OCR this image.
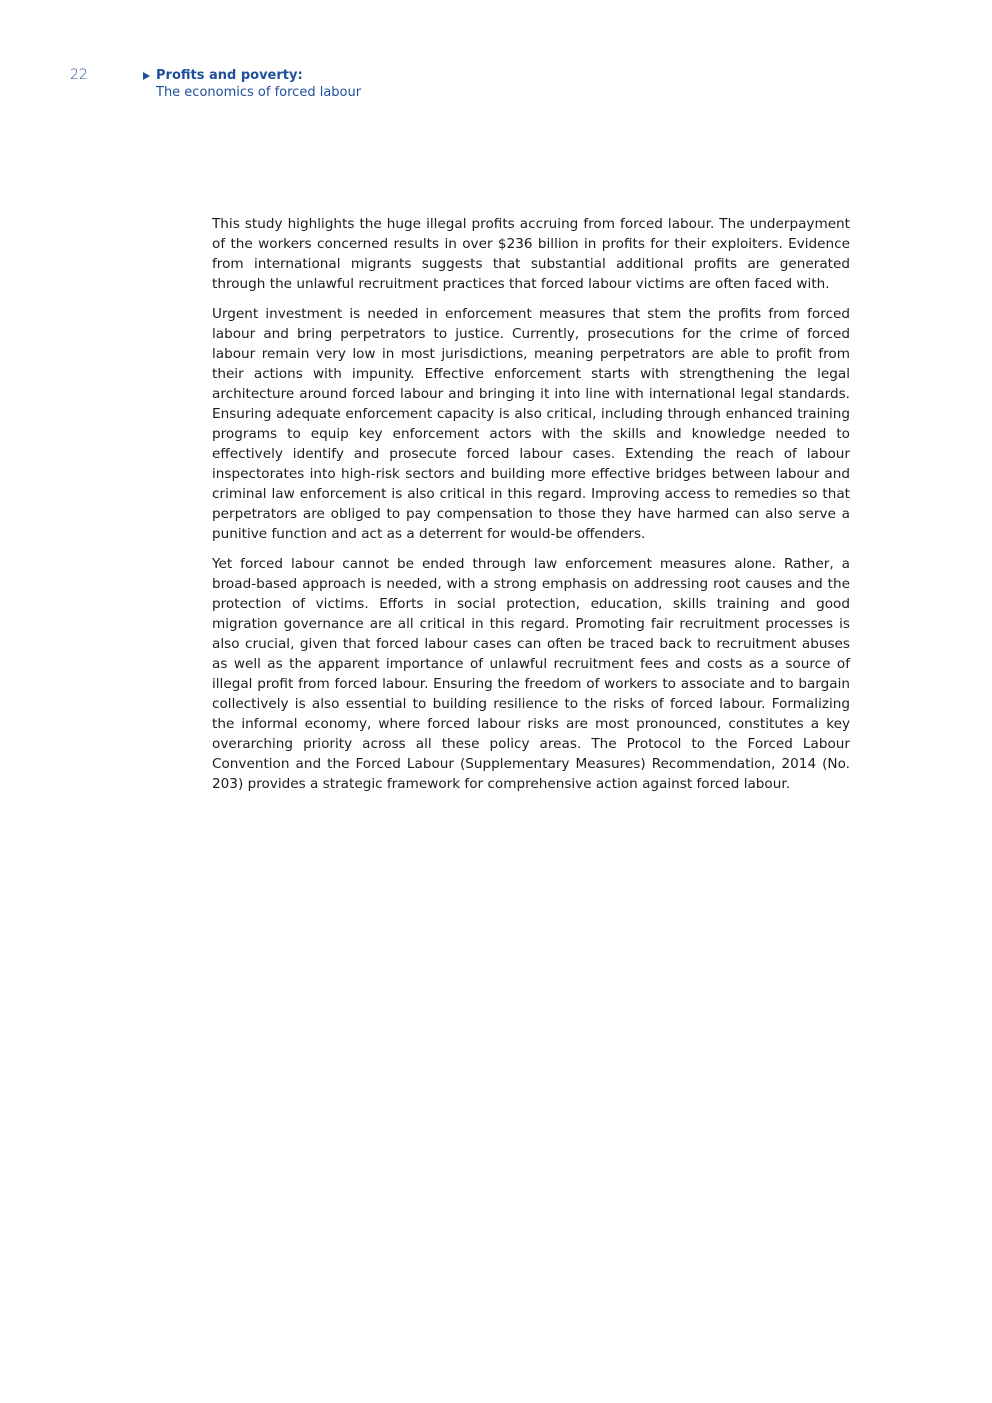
22	Profits and poverty:
The economics of forced labour

This study highlights the huge illegal profits accruing from forced labour. The underpayment of the workers concerned results in over $236 billion in profits for their exploiters. Evidence from international migrants suggests that substantial additional profits are generated through the unlawful recruitment practices that forced labour victims are often faced with.

Urgent investment is needed in enforcement measures that stem the profits from forced labour and bring perpetrators to justice. Currently, prosecutions for the crime of forced labour remain very low in most jurisdictions, meaning perpetrators are able to profit from their actions with impunity. Effective enforcement starts with strengthening the legal architecture around forced labour and bringing it into line with international legal standards. Ensuring adequate enforcement capacity is also critical, including through enhanced training programs to equip key enforcement actors with the skills and knowledge needed to effectively identify and prosecute forced labour cases. Extending the reach of labour inspectorates into high-risk sectors and building more effective bridges between labour and criminal law enforcement is also critical in this regard. Improving access to remedies so that perpetrators are obliged to pay compensation to those they have harmed can also serve a punitive function and act as a deterrent for would-be offenders.

Yet forced labour cannot be ended through law enforcement measures alone. Rather, a broad-based approach is needed, with a strong emphasis on addressing root causes and the protection of victims. Efforts in social protection, education, skills training and good migration governance are all critical in this regard. Promoting fair recruitment processes is also crucial, given that forced labour cases can often be traced back to recruitment abuses as well as the apparent importance of unlawful recruitment fees and costs as a source of illegal profit from forced labour. Ensuring the freedom of workers to associate and to bargain collectively is also essential to building resilience to the risks of forced labour. Formalizing the informal economy, where forced labour risks are most pronounced, constitutes a key overarching priority across all these policy areas. The Protocol to the Forced Labour Convention and the Forced Labour (Supplementary Measures) Recommendation, 2014 (No. 203) provides a strategic framework for comprehensive action against forced labour.
